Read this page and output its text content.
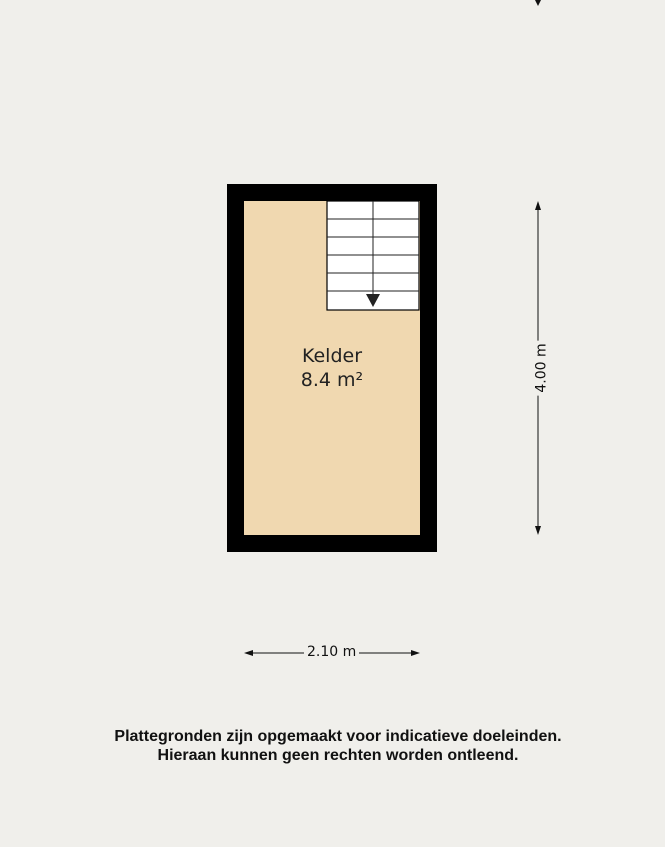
Kelder
8.4 m²
2.10 m
4.00 m
Plattegronden zijn opgemaakt voor indicatieve doeleinden.
Hieraan kunnen geen rechten worden ontleend.
